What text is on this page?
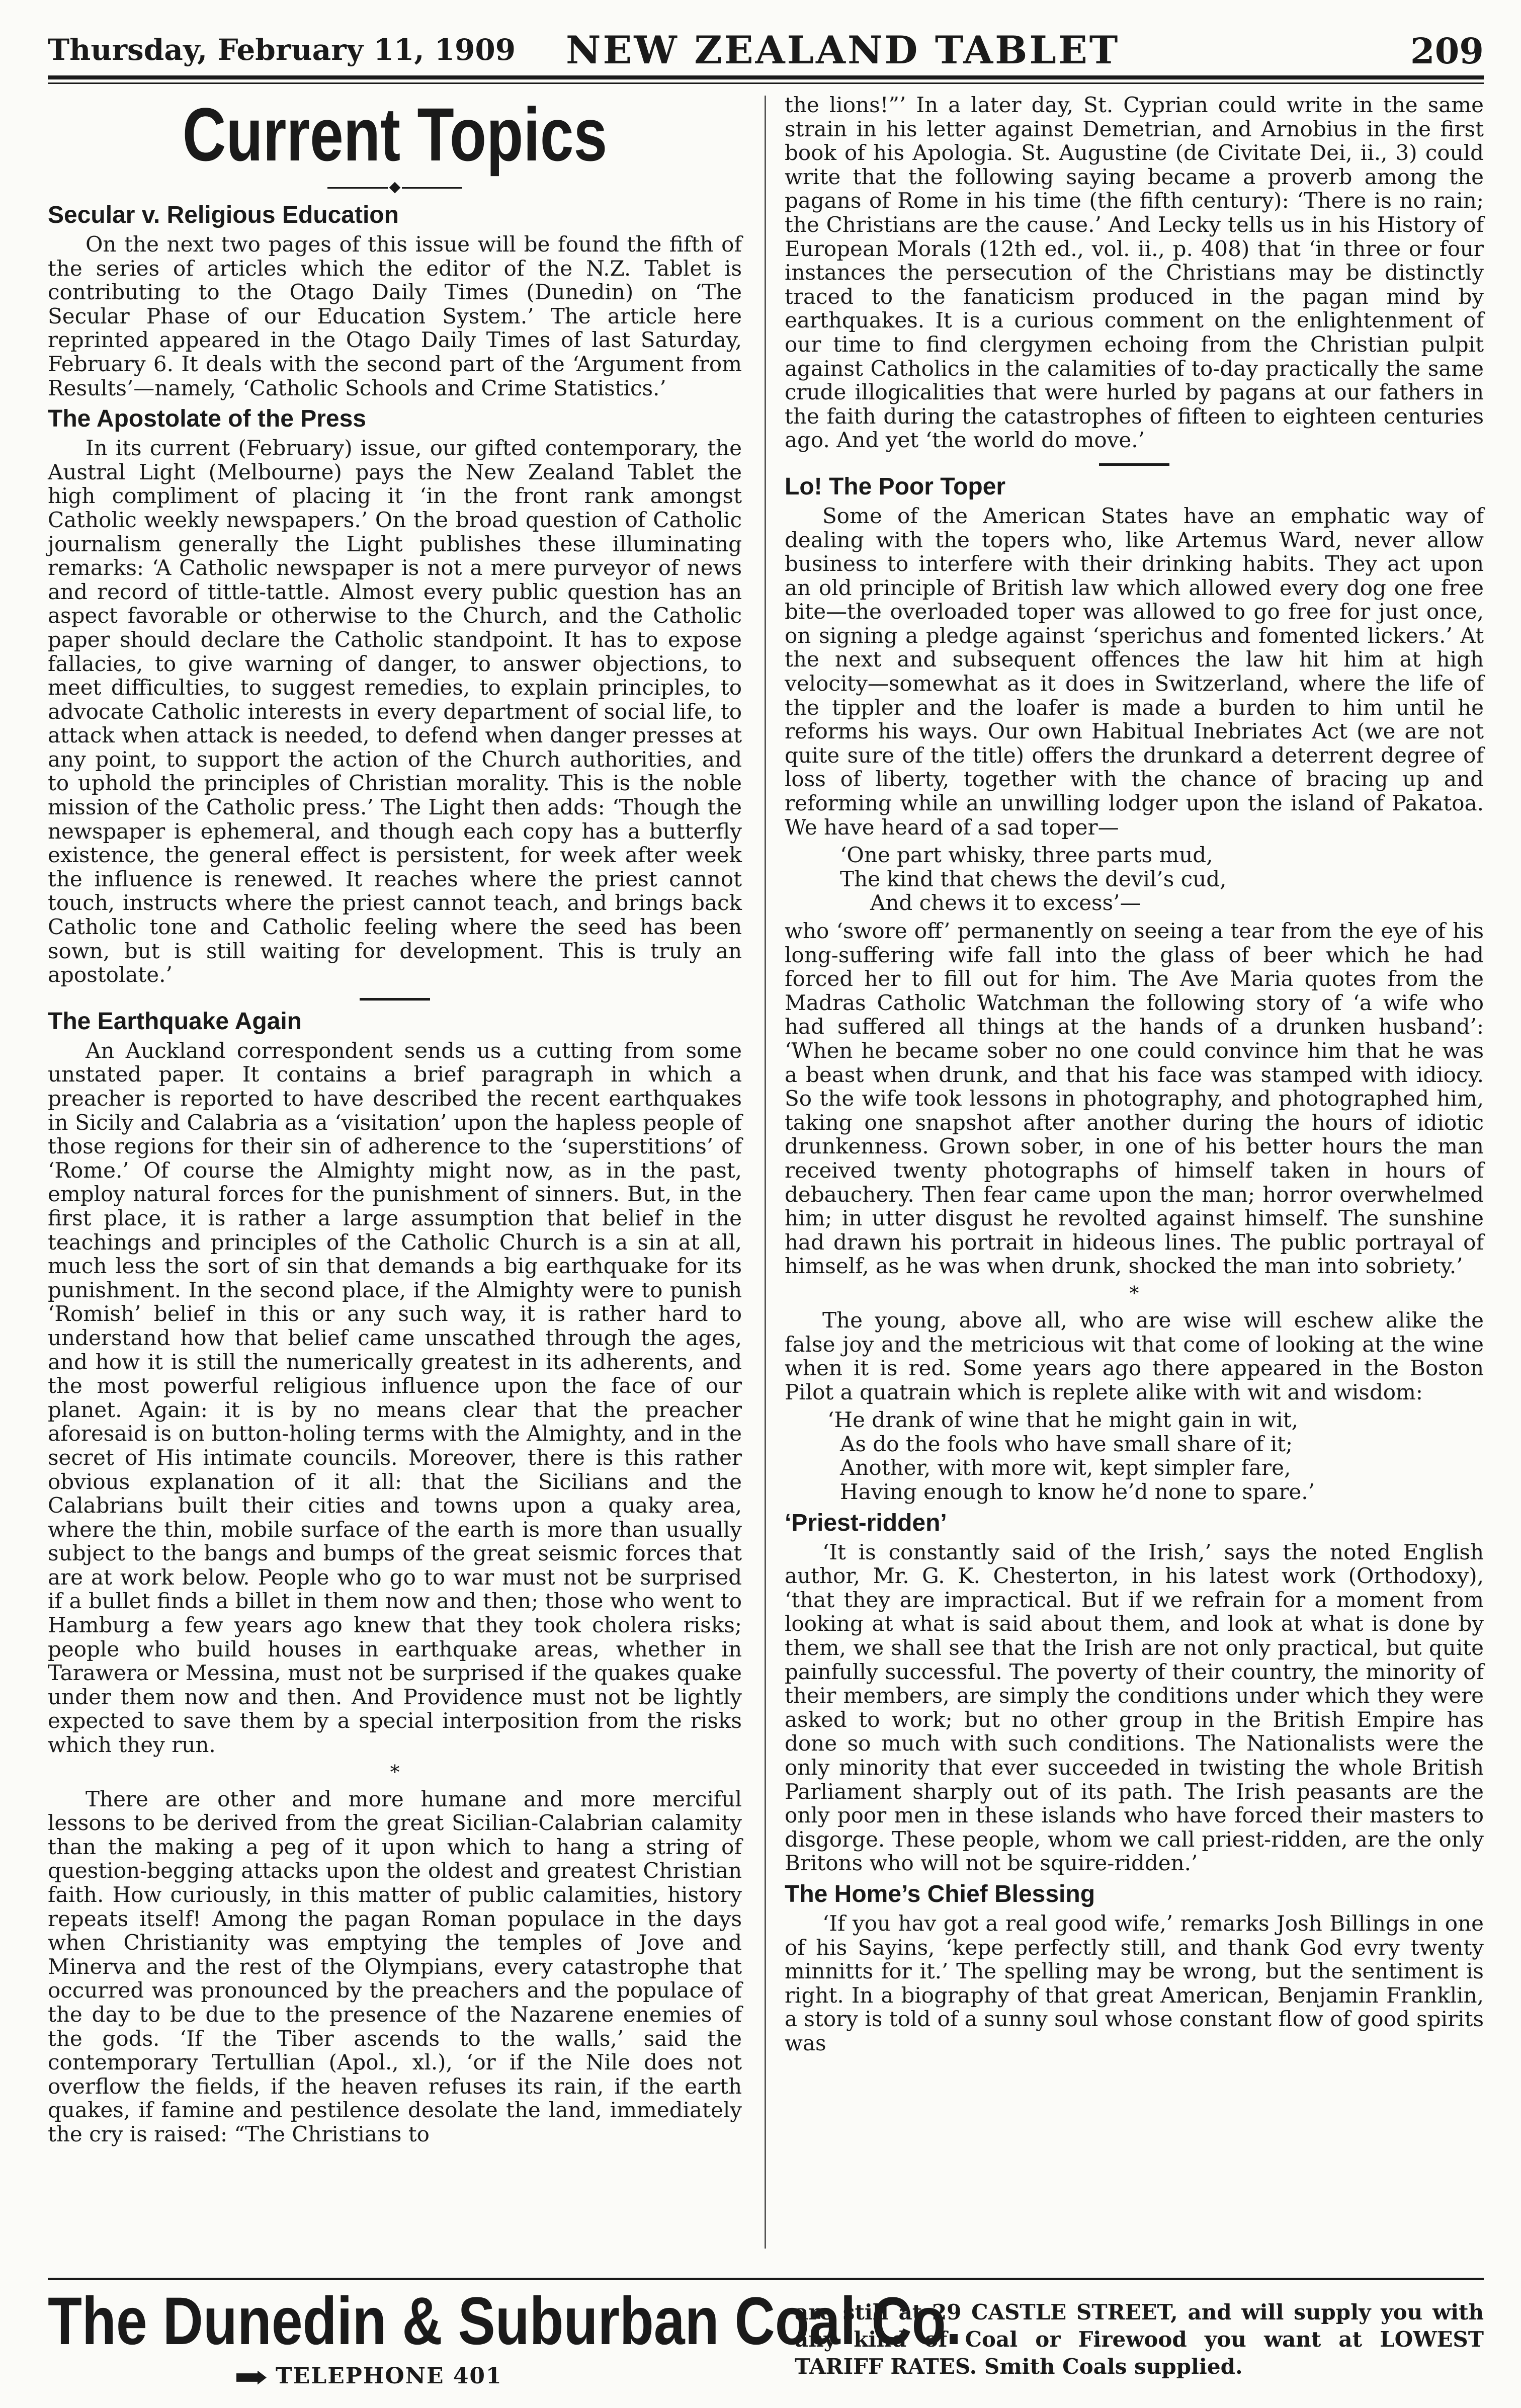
Thursday, February 11, 1909 NEW ZEALAND TABLET	209
Current Topics
Secular v. Religious Education

On the next two pages of this issue will be found the fifth of the series of articles which the editor of the N.Z. Tablet is contributing to the Otago Daily Times (Dunedin) on ‘The Secular Phase of our Education System.’ The article here reprinted appeared in the Otago Daily Times of last Saturday, February 6. It deals with the second part of the ‘Argument from Results’—namely, ‘Catholic Schools and Crime Statistics.’

The Apostolate of the Press

In its current (February) issue, our gifted contemporary, the Austral Light (Melbourne) pays the New Zealand Tablet the high compliment of placing it ‘in the front rank amongst Catholic weekly newspapers.’ On the broad question of Catholic journalism generally the Light publishes these illuminating remarks: ‘A Catholic newspaper is not a mere purveyor of news and record of tittle-tattle. Almost every public question has an aspect favorable or otherwise to the Church, and the Catholic paper should declare the Catholic standpoint. It has to expose fallacies, to give warning of danger, to answer objections, to meet difficulties, to suggest remedies, to explain principles, to advocate Catholic interests in every department of social life, to attack when attack is needed, to defend when danger presses at any point, to support the action of the Church authorities, and to uphold the principles of Christian morality. This is the noble mission of the Catholic press.’ The Light then adds: ‘Though the newspaper is ephemeral, and though each copy has a butterfly existence, the general effect is persistent, for week after week the influence is renewed. It reaches where the priest cannot touch, instructs where the priest cannot teach, and brings back Catholic tone and Catholic feeling where the seed has been sown, but is still waiting for development. This is truly an apostolate.’

The Earthquake Again

An Auckland correspondent sends us a cutting from some unstated paper. It contains a brief paragraph in which a preacher is reported to have described the recent earthquakes in Sicily and Calabria as a ‘visitation’ upon the hapless people of those regions for their sin of adherence to the ‘superstitions’ of ‘Rome.’ Of course the Almighty might now, as in the past, employ natural forces for the punishment of sinners. But, in the first place, it is rather a large assumption that belief in the teachings and principles of the Catholic Church is a sin at all, much less the sort of sin that demands a big earthquake for its punishment. In the second place, if the Almighty were to punish ‘Romish’ belief in this or any such way, it is rather hard to understand how that belief came unscathed through the ages, and how it is still the numerically greatest in its adherents, and the most powerful religious influence upon the face of our planet. Again: it is by no means clear that the preacher aforesaid is on button-holing terms with the Almighty, and in the secret of His intimate councils. Moreover, there is this rather obvious explanation of it all: that the Sicilians and the Calabrians built their cities and towns upon a quaky area, where the thin, mobile surface of the earth is more than usually subject to the bangs and bumps of the great seismic forces that are at work below. People who go to war must not be surprised if a bullet finds a billet in them now and then; those who went to Hamburg a few years ago knew that they took cholera risks; people who build houses in earthquake areas, whether in Tarawera or Messina, must not be surprised if the quakes quake under them now and then. And Providence must not be lightly expected to save them by a special interposition from the risks which they run.

*

There are other and more humane and more merciful lessons to be derived from the great Sicilian-Calabrian calamity than the making a peg of it upon which to hang a string of question-begging attacks upon the oldest and greatest Christian faith. How curiously, in this matter of public calamities, history repeats itself! Among the pagan Roman populace in the days when Christianity was emptying the temples of Jove and Minerva and the rest of the Olympians, every catastrophe that occurred was pronounced by the preachers and the populace of the day to be due to the presence of the Nazarene enemies of the gods. ‘If the Tiber ascends to the walls,’ said the contemporary Tertullian (Apol., xl.), ‘or if the Nile does not overflow the fields, if the heaven refuses its rain, if the earth quakes, if famine and pestilence desolate the land, immediately the cry is raised: “The Christians to

the lions!”’ In a later day, St. Cyprian could write in the same strain in his letter against Demetrian, and Arnobius in the first book of his Apologia. St. Augustine (de Civitate Dei, ii., 3) could write that the following saying became a proverb among the pagans of Rome in his time (the fifth century): ‘There is no rain; the Christians are the cause.’ And Lecky tells us in his History of European Morals (12th ed., vol. ii., p. 408) that ‘in three or four instances the persecution of the Christians may be distinctly traced to the fanaticism produced in the pagan mind by earthquakes. It is a curious comment on the enlightenment of our time to find clergymen echoing from the Christian pulpit against Catholics in the calamities of to-day practically the same crude illogicalities that were hurled by pagans at our fathers in the faith during the catastrophes of fifteen to eighteen centuries ago. And yet ‘the world do move.’

Lo! The Poor Toper

Some of the American States have an emphatic way of dealing with the topers who, like Artemus Ward, never allow business to interfere with their drinking habits. They act upon an old principle of British law which allowed every dog one free bite—the overloaded toper was allowed to go free for just once, on signing a pledge against ‘sperichus and fomented lickers.’ At the next and subsequent offences the law hit him at high velocity—somewhat as it does in Switzerland, where the life of the tippler and the loafer is made a burden to him until he reforms his ways. Our own Habitual Inebriates Act (we are not quite sure of the title) offers the drunkard a deterrent degree of loss of liberty, together with the chance of bracing up and reforming while an unwilling lodger upon the island of Pakatoa. We have heard of a sad toper—

‘One part whisky, three parts mud,
The kind that chews the devil’s cud,
And chews it to excess’—

who ‘swore off’ permanently on seeing a tear from the eye of his long-suffering wife fall into the glass of beer which he had forced her to fill out for him. The Ave Maria quotes from the Madras Catholic Watchman the following story of ‘a wife who had suffered all things at the hands of a drunken husband’: ‘When he became sober no one could convince him that he was a beast when drunk, and that his face was stamped with idiocy. So the wife took lessons in photography, and photographed him, taking one snapshot after another during the hours of idiotic drunkenness. Grown sober, in one of his better hours the man received twenty photographs of himself taken in hours of debauchery. Then fear came upon the man; horror overwhelmed him; in utter disgust he revolted against himself. The sunshine had drawn his portrait in hideous lines. The public portrayal of himself, as he was when drunk, shocked the man into sobriety.’

*

The young, above all, who are wise will eschew alike the false joy and the metricious wit that come of looking at the wine when it is red. Some years ago there appeared in the Boston Pilot a quatrain which is replete alike with wit and wisdom:

‘He drank of wine that he might gain in wit,
As do the fools who have small share of it;
Another, with more wit, kept simpler fare,
Having enough to know he’d none to spare.’
‘Priest-ridden’

‘It is constantly said of the Irish,’ says the noted English author, Mr. G. K. Chesterton, in his latest work (Orthodoxy), ‘that they are impractical. But if we refrain for a moment from looking at what is said about them, and look at what is done by them, we shall see that the Irish are not only practical, but quite painfully successful. The poverty of their country, the minority of their members, are simply the conditions under which they were asked to work; but no other group in the British Empire has done so much with such conditions. The Nationalists were the only minority that ever succeeded in twisting the whole British Parliament sharply out of its path. The Irish peasants are the only poor men in these islands who have forced their masters to disgorge. These people, whom we call priest-ridden, are the only Britons who will not be squire-ridden.’

The Home’s Chief Blessing

‘If you hav got a real good wife,’ remarks Josh Billings in one of his Sayins, ‘kepe perfectly still, and thank God evry twenty minnitts for it.’ The spelling may be wrong, but the sentiment is right. In a biography of that great American, Benjamin Franklin, a story is told of a sunny soul whose constant flow of good spirits was

The Dunedin & Suburban Coal Co.
TELEPHONE 401
are still at 29 CASTLE STREET, and will supply you with any kind of Coal or Firewood you want at LOWEST TARIFF RATES. Smith Coals supplied.
